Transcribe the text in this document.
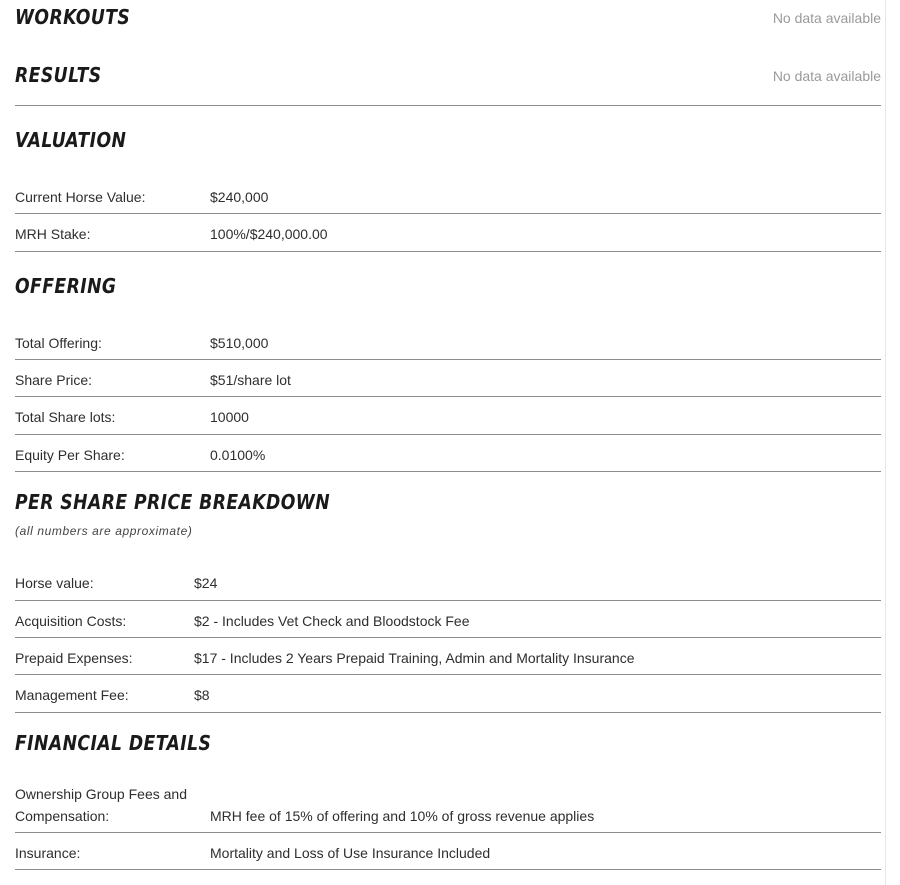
WORKOUTS	No data available
RESULTS	No data available
VALUATION
Current Horse Value:	$240,000
MRH Stake:	100%/$240,000.00
OFFERING
Total Offering:	$510,000
Share Price:	$51/share lot
Total Share lots:	10000
Equity Per Share:	0.0100%
PER SHARE PRICE BREAKDOWN
(all numbers are approximate)
Horse value:	$24
Acquisition Costs:	$2 - Includes Vet Check and Bloodstock Fee
Prepaid Expenses:	$17 - Includes 2 Years Prepaid Training, Admin and Mortality Insurance
Management Fee:	$8
FINANCIAL DETAILS
Ownership Group Fees and
Compensation:	MRH fee of 15% of offering and 10% of gross revenue applies
Insurance:	Mortality and Loss of Use Insurance Included
